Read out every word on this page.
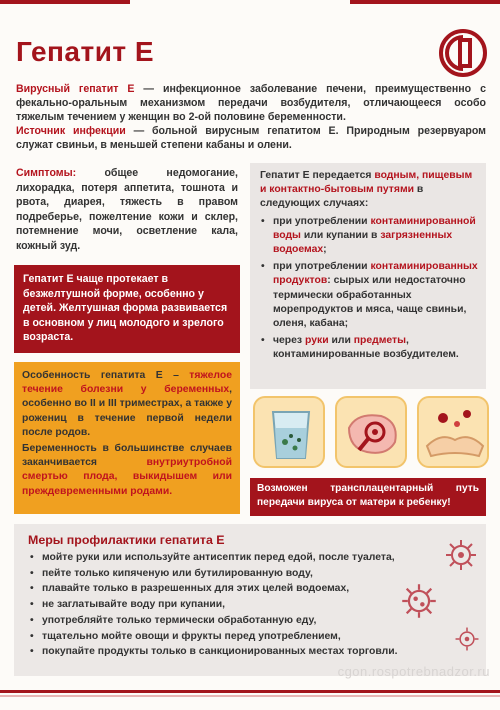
Гепатит Е
Вирусный гепатит Е — инфекционное заболевание печени, преимущественно с фекально-оральным механизмом передачи возбудителя, отличающееся особо тяжелым течением у женщин во 2-ой половине беременности.
Источник инфекции — больной вирусным гепатитом Е. Природным резервуаром служат свиньи, в меньшей степени кабаны и олени.
Симптомы: общее недомогание, лихорадка, потеря аппетита, тошнота и рвота, диарея, тяжесть в правом подреберье, пожелтение кожи и склер, потемнение мочи, осветление кала, кожный зуд.
Гепатит Е передается водным, пищевым и контактно-бытовым путями в следующих случаях:
• при употреблении контаминированной воды или купании в загрязненных водоемах;
• при употреблении контаминированных продуктов: сырых или недостаточно термически обработанных морепродуктов и мяса, чаще свиньи, оленя, кабана;
• через руки или предметы, контаминированные возбудителем.
Гепатит Е чаще протекает в безжелтушной форме, особенно у детей. Желтушная форма развивается в основном у лиц молодого и зрелого возраста.

Особенность гепатита Е – тяжелое течение болезни у беременных, особенно во II и III триместрах, а также у рожениц в течение первой недели после родов.

Беременность в большинстве случаев заканчивается внутриутробной смертью плода, выкидышем или преждевременными родами.	Возможен трансплацентарный путь передачи вируса от матери к ребенку!
Меры профилактики гепатита Е
• мойте руки или используйте антисептик перед едой, после туалета,
• пейте только кипяченую или бутилированную воду,
• плавайте только в разрешенных для этих целей водоемах,
• не заглатывайте воду при купании,
• употребляйте только термически обработанную еду,
• тщательно мойте овощи и фрукты перед употреблением,
• покупайте продукты только в санкционированных местах торговли.
cgon.rospotrebnadzor.ru
